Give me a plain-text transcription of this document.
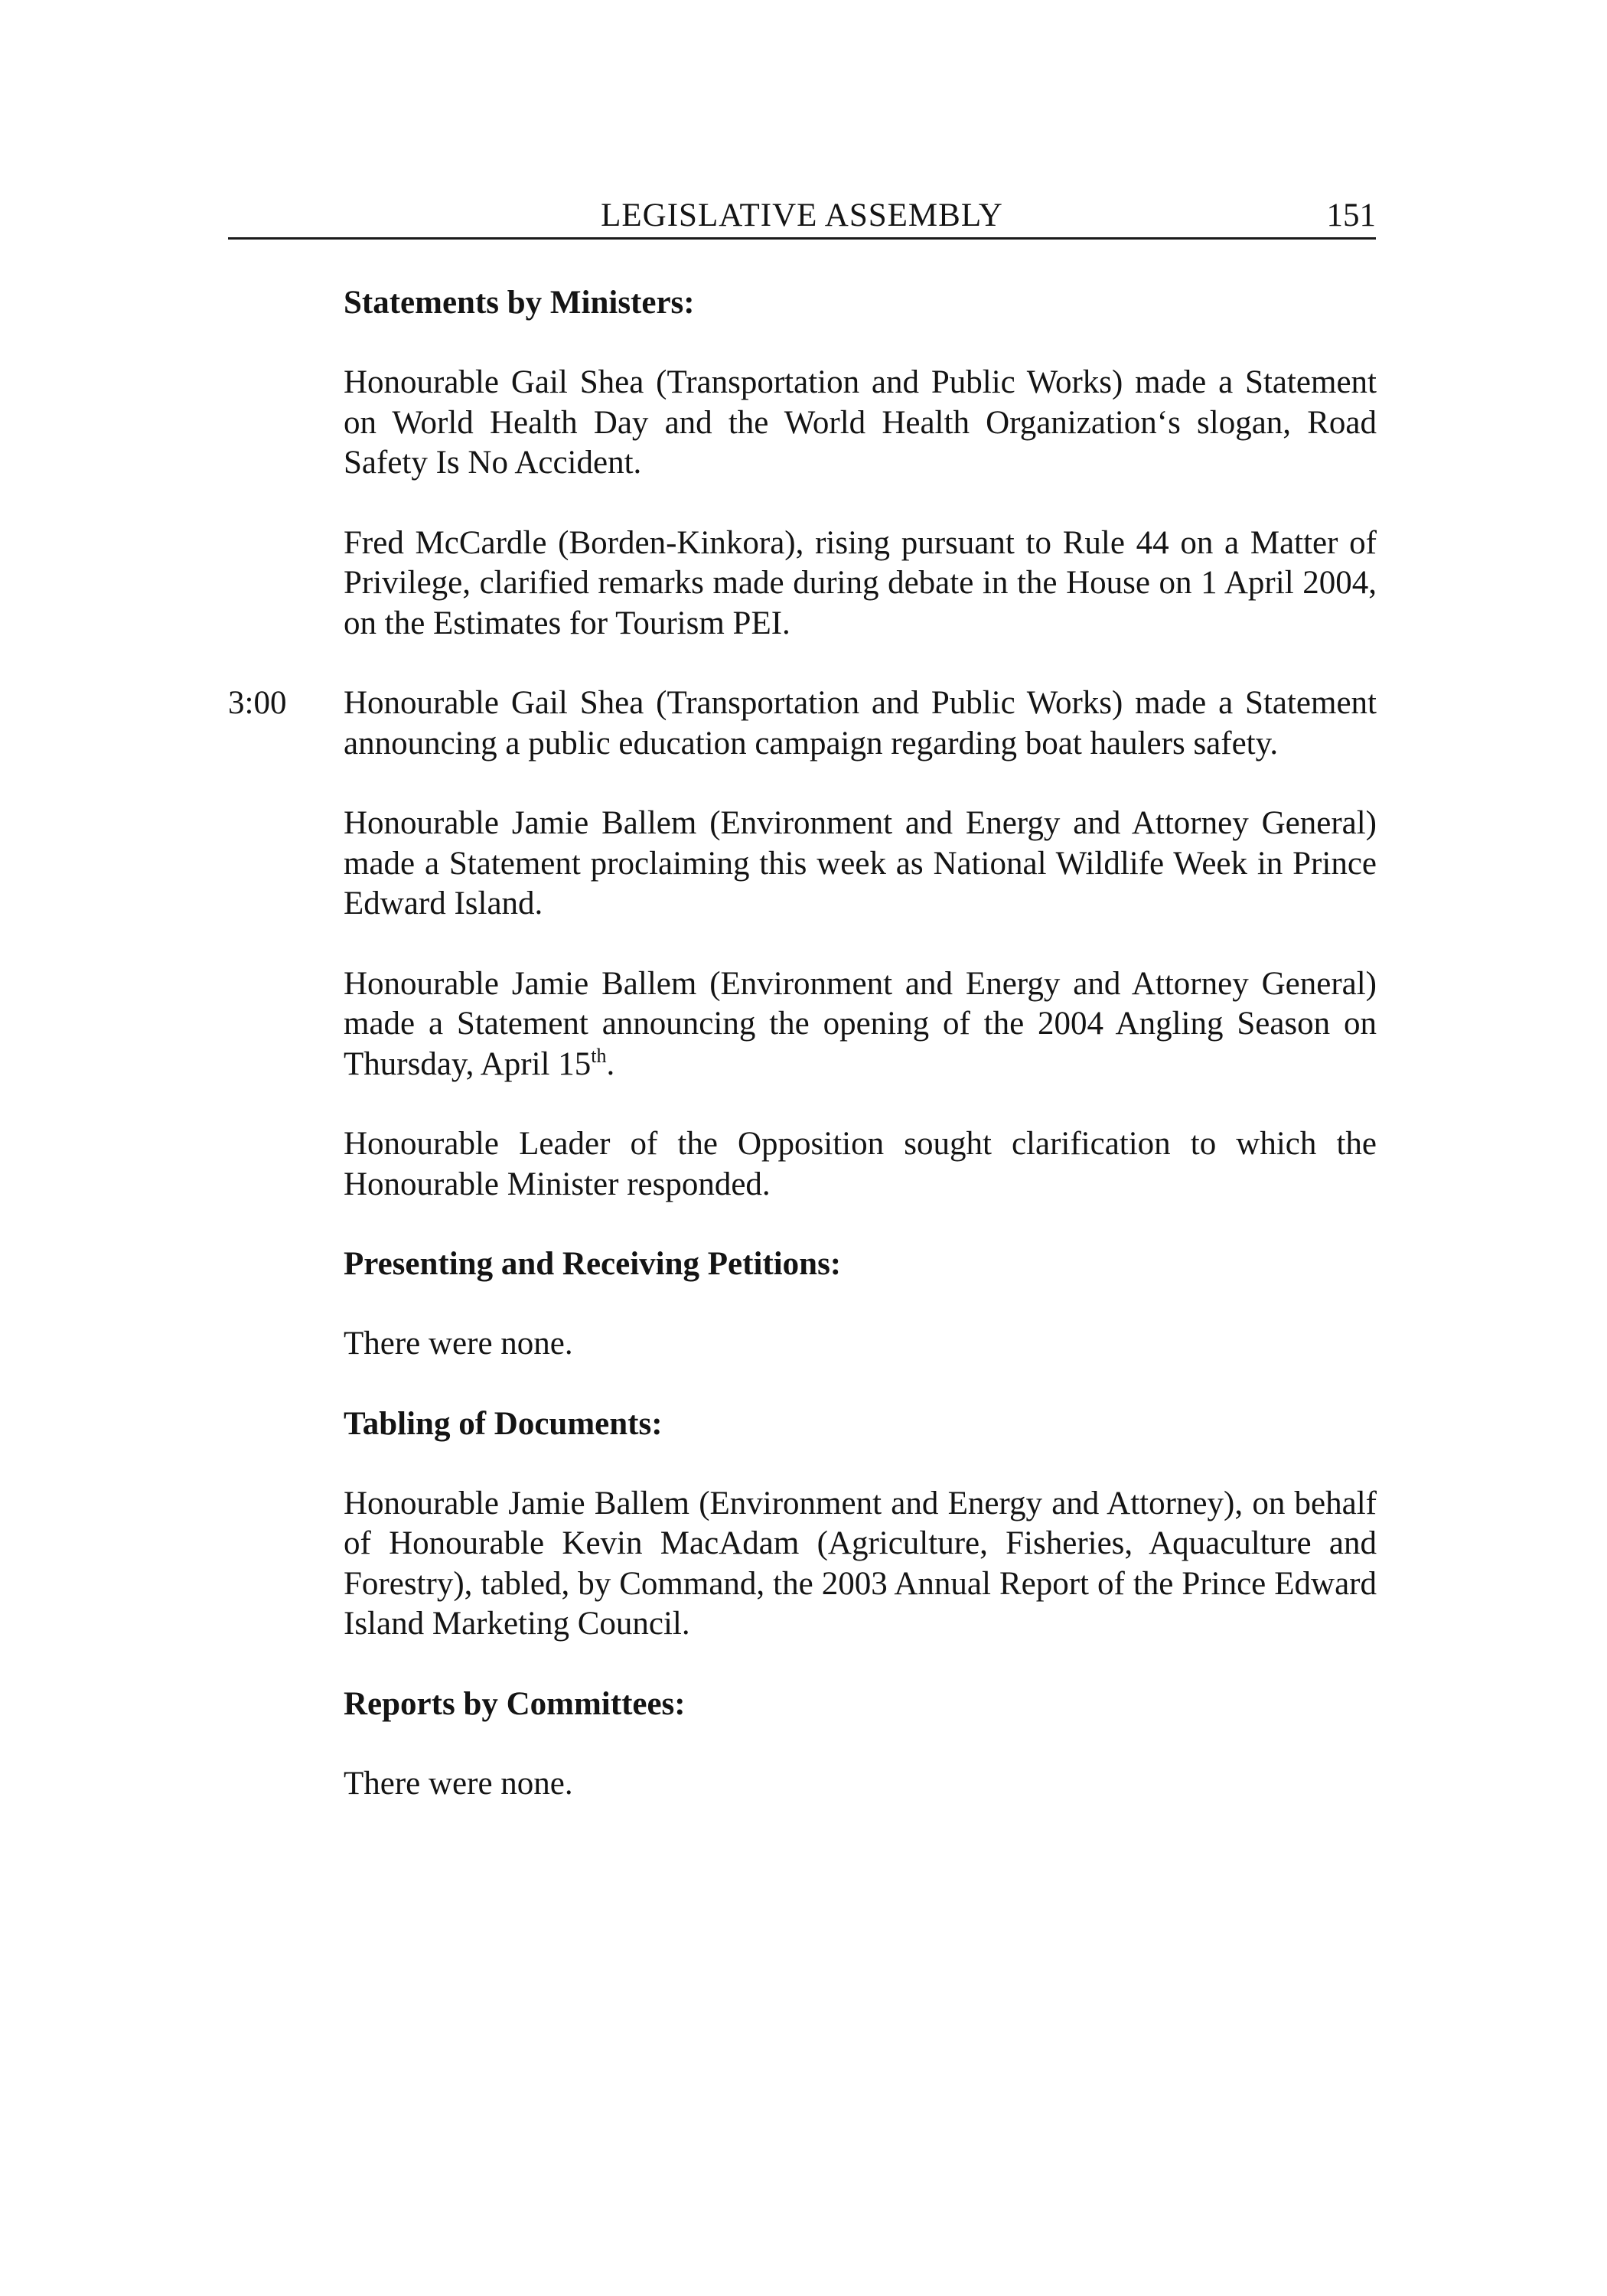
LEGISLATIVE ASSEMBLY	151
Statements by Ministers:

Honourable Gail Shea (Transportation and Public Works) made a Statement on World Health Day and the World Health Organization‘s slogan, Road Safety Is No Accident.

Fred McCardle (Borden-Kinkora), rising pursuant to Rule 44 on a Matter of Privilege, clarified remarks made during debate in the House on 1 April 2004, on the Estimates for Tourism PEI.

3:00 Honourable Gail Shea (Transportation and Public Works) made a Statement announcing a public education campaign regarding boat haulers safety.

Honourable Jamie Ballem (Environment and Energy and Attorney General) made a Statement proclaiming this week as National Wildlife Week in Prince Edward Island.

Honourable Jamie Ballem (Environment and Energy and Attorney General) made a Statement announcing the opening of the 2004 Angling Season on Thursday, April 15th.

Honourable Leader of the Opposition sought clarification to which the Honourable Minister responded.

Presenting and Receiving Petitions:

There were none.

Tabling of Documents:

Honourable Jamie Ballem (Environment and Energy and Attorney), on behalf of Honourable Kevin MacAdam (Agriculture, Fisheries, Aquaculture and Forestry), tabled, by Command, the 2003 Annual Report of the Prince Edward Island Marketing Council.

Reports by Committees:

There were none.
